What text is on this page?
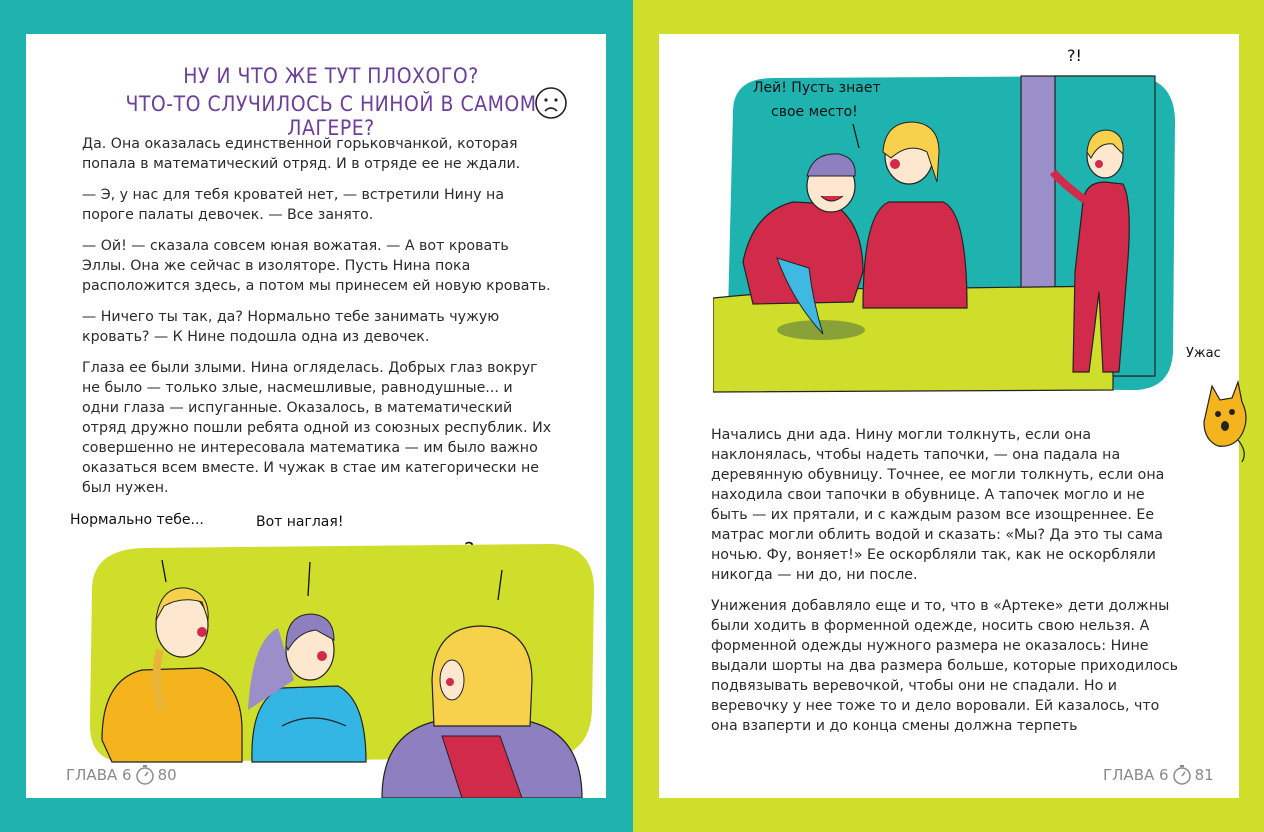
НУ И ЧТО ЖЕ ТУТ ПЛОХОГО?
ЧТО-ТО СЛУЧИЛОСЬ С НИНОЙ В САМОМ ЛАГЕРЕ?

Да. Она оказалась единственной горьковчанкой, которая попала в математический отряд. И в отряде ее не ждали.

— Э, у нас для тебя кроватей нет, — встретили Нину на пороге палаты девочек. — Все занято.

— Ой! — сказала совсем юная вожатая. — А вот кровать Эллы. Она же сейчас в изоляторе. Пусть Нина пока расположится здесь, а потом мы принесем ей новую кровать.

— Ничего ты так, да? Нормально тебе занимать чужую кровать? — К Нине подошла одна из девочек.

Глаза ее были злыми. Нина огляделась. Добрых глаз вокруг не было — только злые, насмешливые, равнодушные... и одни глаза — испуганные. Оказалось, в математический отряд дружно пошли ребята одной из союзных республик. Их совершенно не интересовала математика — им было важно оказаться всем вместе. И чужак в стае им категорически не был нужен.

Нормально тебе...	Вот наглая!
ГЛАВА 6 80
Лей! Пусть знает
свое место!
?!

Начались дни ада. Нину могли толкнуть, если она наклонялась, чтобы надеть тапочки, — она падала на деревянную обувницу. Точнее, ее могли толкнуть, если она находила свои тапочки в обувнице. А тапочек могло и не быть — их прятали, и с каждым разом все изощреннее. Ее матрас могли облить водой и сказать: «Мы? Да это ты сама ночью. Фу, воняет!» Ее оскорбляли так, как не оскорбляли никогда — ни до, ни после.

Унижения добавляло еще и то, что в «Артеке» дети должны были ходить в форменной одежде, носить свою нельзя. А форменной одежды нужного размера не оказалось: Нине выдали шорты на два размера больше, которые приходилось подвязывать веревочкой, чтобы они не спадали. Но и веревочку у нее тоже то и дело воровали. Ей казалось, что она взаперти и до конца смены должна терпеть

ГЛАВА 6 81
Ужас
